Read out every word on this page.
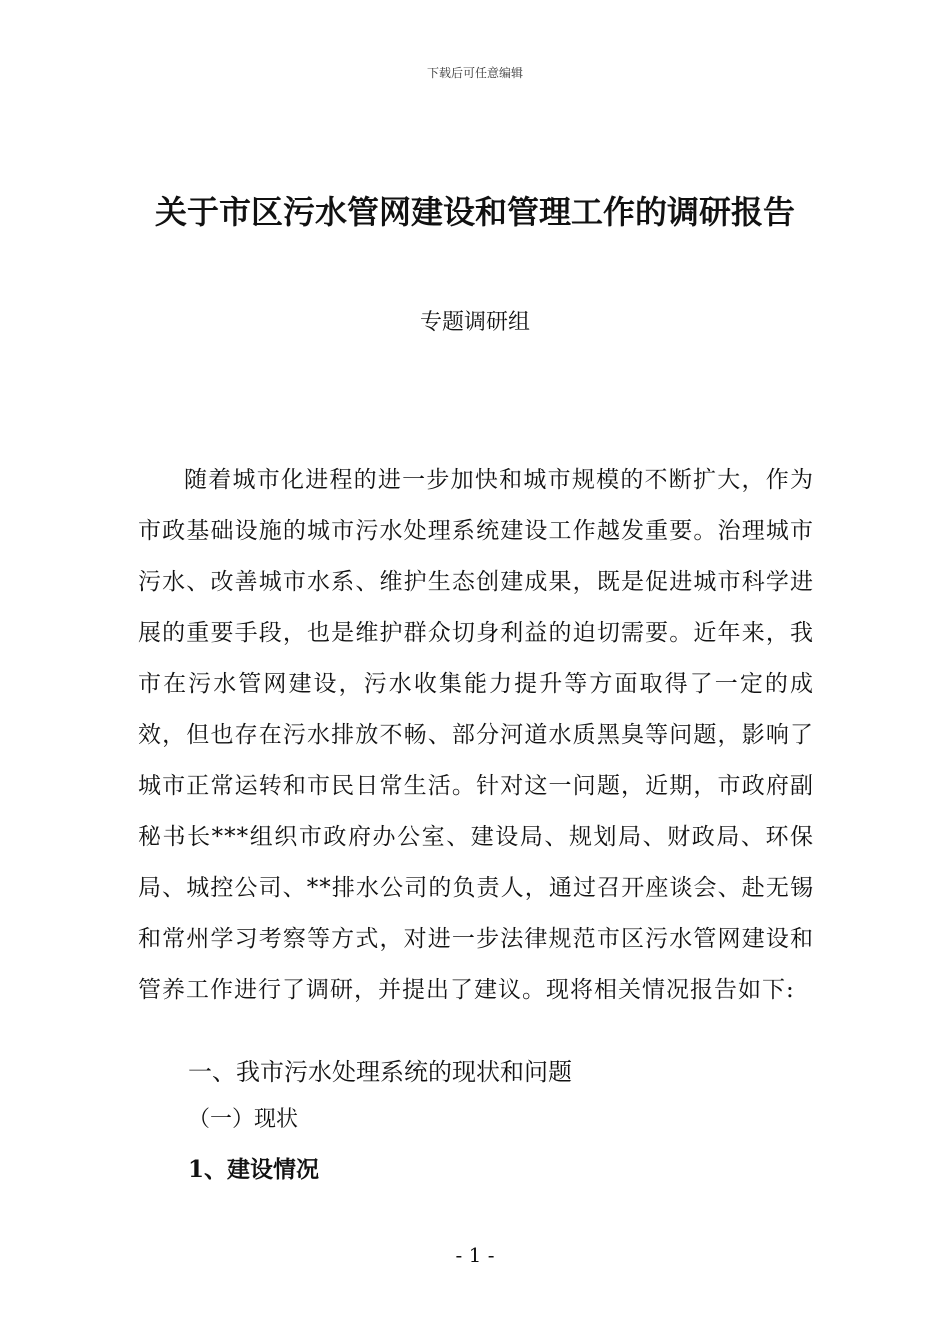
下载后可任意编辑
关于市区污水管网建设和管理工作的调研报告
专题调研组

随着城市化进程的进一步加快和城市规模的不断扩大，作为市政基础设施的城市污水处理系统建设工作越发重要。治理城市污水、改善城市水系、维护生态创建成果，既是促进城市科学进展的重要手段，也是维护群众切身利益的迫切需要。近年来，我市在污水管网建设，污水收集能力提升等方面取得了一定的成效，但也存在污水排放不畅、部分河道水质黑臭等问题，影响了城市正常运转和市民日常生活。针对这一问题，近期，市政府副秘书长***组织市政府办公室、建设局、规划局、财政局、环保局、城控公司、**排水公司的负责人，通过召开座谈会、赴无锡和常州学习考察等方式，对进一步法律规范市区污水管网建设和管养工作进行了调研，并提出了建议。现将相关情况报告如下:

一、我市污水处理系统的现状和问题
（一）现状
1、建设情况
- 1 -
